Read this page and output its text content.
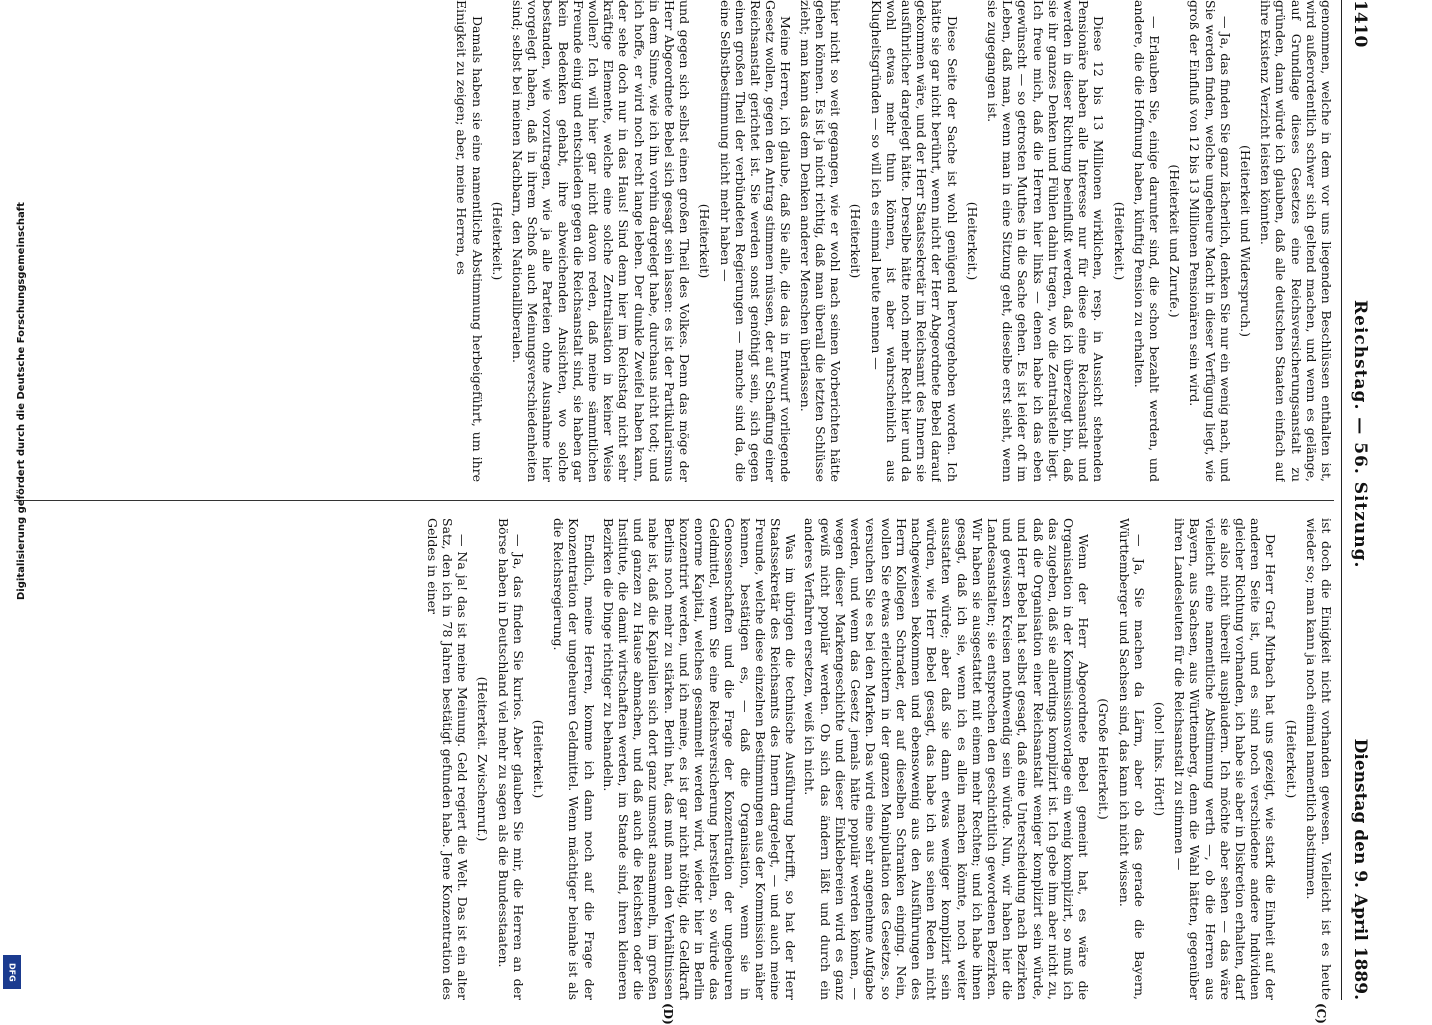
1410
Reichstag. — 56. Sitzung.
Dienstag den 9. April 1889.
(C)
(D)
genommen, welche in dem vor uns liegenden Beschlüssen enthalten ist, wird außerordentlich schwer sich geltend machen, und wenn es gelänge, auf Grundlage dieses Gesetzes eine Reichsversicherungsanstalt zu gründen, dann würde ich glauben, daß alle deutschen Staaten einfach auf ihre Existenz Verzicht leisten könnten.
(Heiterkeit und Widerspruch.)
— Ja, das finden Sie ganz lächerlich, denken Sie nur ein wenig nach, und Sie werden finden, welche ungeheure Macht in dieser Verfügung liegt, wie groß der Einfluß von 12 bis 13 Millionen Pensionären sein wird.
(Heiterkeit und Zurufe.)
— Erlauben Sie, einige darunter sind, die schon bezahlt werden, und andere, die die Hoffnung haben, künftig Pension zu erhalten.
(Heiterkeit.)
Diese 12 bis 13 Millionen wirklichen, resp. in Aussicht stehenden Pensionäre haben alle Interesse nur für diese eine Reichsanstalt und werden in dieser Richtung beeinflußt werden, daß ich überzeugt bin, daß sie ihr ganzes Denken und Fühlen dahin tragen, wo die Zentralstelle liegt. Ich freue mich, daß die Herren hier links — denen habe ich das eben gewünscht — so getrosten Muthes in die Sache gehen. Es ist leider oft im Leben, daß man, wenn man in eine Sitzung geht, dieselbe erst sieht, wenn sie zugegangen ist.
(Heiterkeit.)
Diese Seite der Sache ist wohl genügend hervorgehoben worden. Ich hätte sie gar nicht berührt, wenn nicht der Herr Abgeordnete Bebel darauf gekommen wäre, und der Herr Staatssekretär im Reichsamt des Innern sie ausführlicher dargelegt hätte. Derselbe hätte noch mehr Recht hier und da wohl etwas mehr thun können, ist aber wahrscheinlich aus Klugheitsgründen — so will ich es einmal heute nennen —
(Heiterkeit)
hier nicht so weit gegangen, wie er wohl nach seinen Vorberichten hätte gehen können. Es ist ja nicht richtig, daß man überall die letzten Schlüsse zieht; man kann das dem Denken anderer Menschen überlassen.
Meine Herren, ich glaube, daß Sie alle, die das in Entwurf vorliegende Gesetz wollen, gegen den Antrag stimmen müssen, der auf Schaffung einer Reichsanstalt gerichtet ist. Sie werden sonst genöthigt sein, sich gegen einen großen Theil der verbündeten Regierungen — manche sind da, die eine Selbstbestimmung nicht mehr haben —
(Heiterkeit)
und gegen sich selbst einen großen Theil des Volkes. Denn das möge der Herr Abgeordnete Bebel sich gesagt sein lassen: es ist der Partikularismus in dem Sinne, wie ich ihn vorhin dargelegt habe, durchaus nicht todt; und ich hoffe, er wird noch recht lange leben. Der dunkle Zweifel haben kann, der sehe doch nur in das Haus! Sind denn hier im Reichstag nicht sehr kräftige Elemente, welche eine solche Zentralisation in keiner Weise wollen? Ich will hier gar nicht davon reden, daß meine sämmtlichen Freunde einig und entschieden gegen die Reichsanstalt sind, sie haben gar kein Bedenken gehabt, ihre abweichenden Ansichten, wo solche bestanden, wie vorzutragen, wie ja alle Parteien ohne Ausnahme hier vorgelegt haben, daß in ihrem Schoß auch Meinungsverschiedenheiten sind; selbst bei meinen Nachbarn, den Nationalliberalen.
(Heiterkeit.)
Damals haben sie eine namentliche Abstimmung herbeigeführt, um ihre Einigkeit zu zeigen; aber, meine Herren, es
ist doch die Einigkeit nicht vorhanden gewesen. Vielleicht ist es heute wieder so; man kann ja noch einmal namentlich abstimmen.
(Heiterkeit.)
Der Herr Graf Mirbach hat uns gezeigt, wie stark die Einheit auf der anderen Seite ist, und es sind noch verschiedene andere Individuen gleicher Richtung vorhanden, ich habe sie aber in Diskretion erhalten, darf sie also nicht übereilt ausplaudern. Ich möchte aber sehen — das wäre vielleicht eine namentliche Abstimmung werth —, ob die Herren aus Bayern, aus Sachsen, aus Württemberg, denn die Wahl hätten, gegenüber ihren Landesleuten für die Reichsanstalt zu stimmen —
(oho! links. Hört!)
— Ja, Sie machen da Lärm, aber ob das gerade die Bayern, Württemberger und Sachsen sind, das kann ich nicht wissen.
(Große Heiterkeit.)
Wenn der Herr Abgeordnete Bebel gemeint hat, es wäre die Organisation in der Kommissionsvorlage ein wenig komplizirt, so muß ich das zugeben, daß sie allerdings komplizirt ist. Ich gebe ihm aber nicht zu, daß die Organisation einer Reichsanstalt weniger komplizirt sein würde, und Herr Bebel hat selbst gesagt, daß eine Unterscheidung nach Bezirken und gewissen Kreisen nothwendig sein würde. Nun, wir haben hier die Landesanstalten; sie entsprechen den geschichtlich gewordenen Bezirken. Wir haben sie ausgestattet mit einem mehr Rechten; und ich habe ihnen gesagt, daß ich sie, wenn ich es allein machen könnte, noch weiter ausstatten würde; aber daß sie dann etwas weniger komplizirt sein würden, wie Herr Bebel gesagt, das habe ich aus seinen Reden nicht nachgewiesen bekommen und ebensowenig aus den Ausführungen des Herrn Kollegen Schrader, der auf dieselben Schranken einging. Nein, wollen Sie etwas erleichtern in der ganzen Manipulation des Gesetzes, so versuchen Sie es bei den Marken. Das wird eine sehr angenehme Aufgabe werden, und wenn das Gesetz jemals hätte populär werden können, — wegen dieser Markengeschichte und dieser Einklebereien wird es ganz gewiß nicht populär werden. Ob sich das ändern läßt und durch ein anderes Verfahren ersetzen, weiß ich nicht.
Was im übrigen die technische Ausführung betrifft, so hat der Herr Staatssekretär des Reichsamts des Innern dargelegt, — und auch meine Freunde, welche diese einzelnen Bestimmungen aus der Kommission näher kennen, bestätigen es, — daß die Organisation, wenn sie in Genossenschaften und die Frage der Konzentration der ungeheuren Geldmittel, wenn Sie eine Reichsversicherung herstellen, so würde das enorme Kapital, welches gesammelt werden wird, wieder hier in Berlin konzentrirt werden, und ich meine, es ist gar nicht nöthig, die Geldkraft Berlins noch mehr zu stärken. Berlin hat, das muß man den Verhältnissen nahe ist, daß die Kapitalien sich dort ganz umsonst ansammeln, im großen und ganzen zu Hause abmachen, und daß auch die Reichsten oder die Institute, die damit wirtschaften werden, im Stande sind, ihren kleineren Bezirken die Dinge richtiger zu behandeln.
Endlich, meine Herren, komme ich dann noch auf die Frage der Konzentration der ungeheuren Geldmittel. Wenn mächtiger beinahe ist als die Reichsregierung.
(Heiterkeit.)
— Ja, das finden Sie kurios. Aber glauben Sie mir, die Herren an der Börse haben in Deutschland viel mehr zu sagen als die Bundesstaaten.
(Heiterkeit. Zwischenruf.)
— Na ja! das ist meine Meinung. Geld regiert die Welt. Das ist ein alter Satz, den ich in 78 Jahren bestätigt gefunden habe. Jene Konzentration des Geldes in einer
Digitalisierung gefördert durch die Deutsche Forschungsgemeinschaft
DFG
